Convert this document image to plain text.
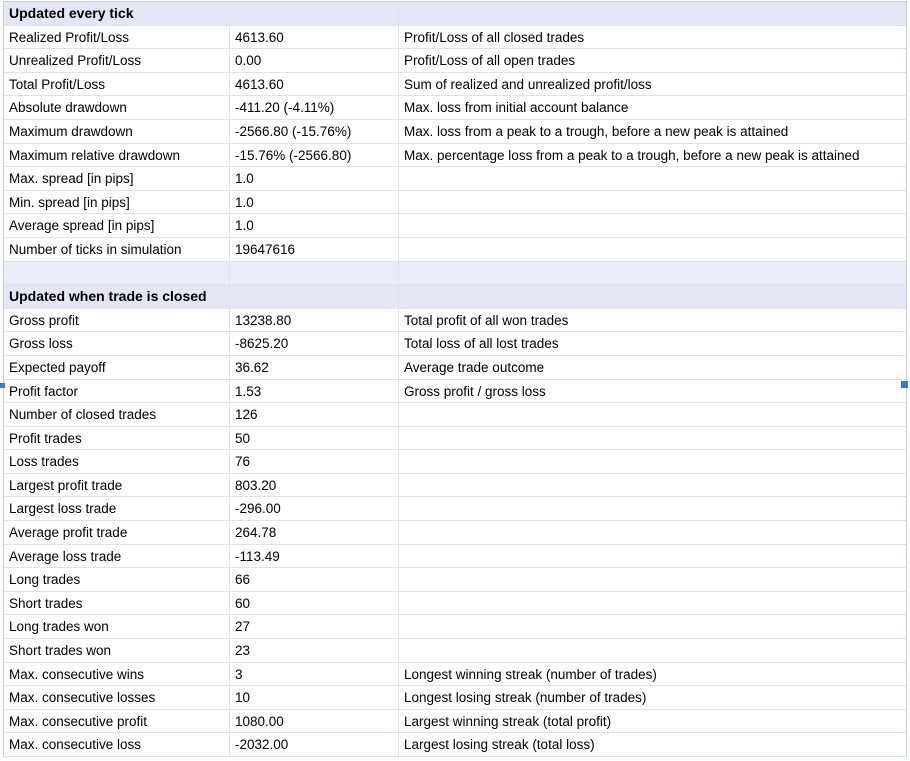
Updated every tick
Realized Profit/Loss	4613.60	Profit/Loss of all closed trades
Unrealized Profit/Loss	0.00	Profit/Loss of all open trades
Total Profit/Loss	4613.60	Sum of realized and unrealized profit/loss
Absolute drawdown	-411.20 (-4.11%)	Max. loss from initial account balance
Maximum drawdown	-2566.80 (-15.76%)	Max. loss from a peak to a trough, before a new peak is attained
Maximum relative drawdown	-15.76% (-2566.80)	Max. percentage loss from a peak to a trough, before a new peak is attained
Max. spread [in pips]	1.0
Min. spread [in pips]	1.0
Average spread [in pips]	1.0
Number of ticks in simulation	19647616
Updated when trade is closed
Gross profit	13238.80	Total profit of all won trades
Gross loss	-8625.20	Total loss of all lost trades
Expected payoff	36.62	Average trade outcome
Profit factor	1.53	Gross profit / gross loss
Number of closed trades	126
Profit trades	50
Loss trades	76
Largest profit trade	803.20
Largest loss trade	-296.00
Average profit trade	264.78
Average loss trade	-113.49
Long trades	66
Short trades	60
Long trades won	27
Short trades won	23
Max. consecutive wins	3	Longest winning streak (number of trades)
Max. consecutive losses	10	Longest losing streak (number of trades)
Max. consecutive profit	1080.00	Largest winning streak (total profit)
Max. consecutive loss	-2032.00	Largest losing streak (total loss)
